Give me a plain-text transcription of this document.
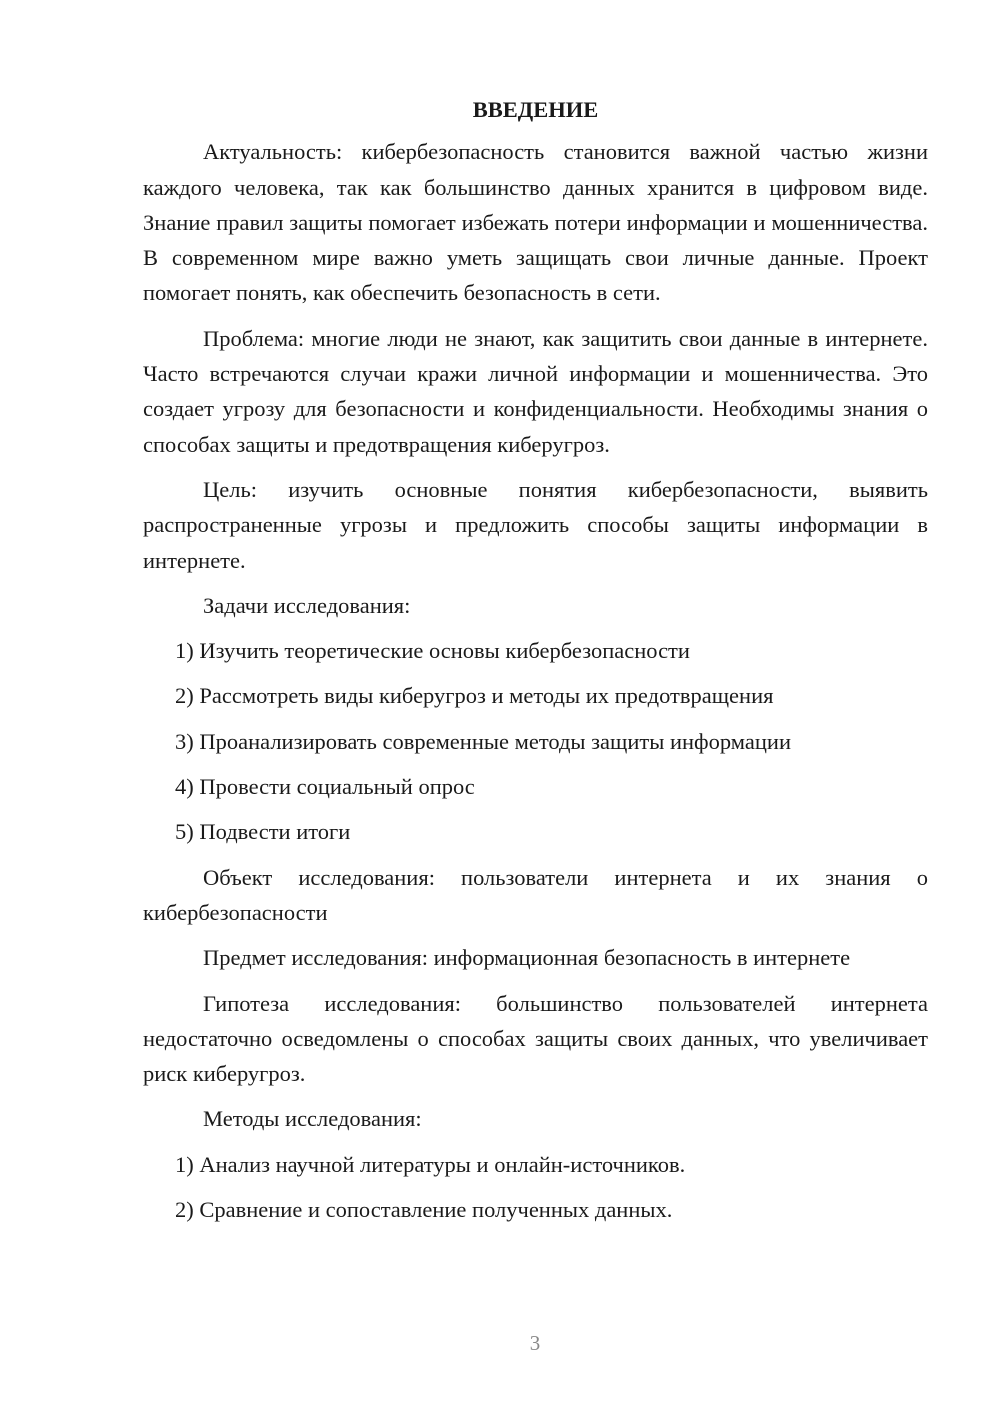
ВВЕДЕНИЕ

Актуальность: кибербезопасность становится важной частью жизни каждого человека, так как большинство данных хранится в цифровом виде. Знание правил защиты помогает избежать потери информации и мошенничества. В современном мире важно уметь защищать свои личные данные. Проект помогает понять, как обеспечить безопасность в сети.

Проблема: многие люди не знают, как защитить свои данные в интернете. Часто встречаются случаи кражи личной информации и мошенничества. Это создает угрозу для безопасности и конфиденциальности. Необходимы знания о способах защиты и предотвращения киберугроз.

Цель: изучить основные понятия кибербезопасности, выявить распространенные угрозы и предложить способы защиты информации в интернете.

Задачи исследования:

1) Изучить теоретические основы кибербезопасности
2) Рассмотреть виды киберугроз и методы их предотвращения
3) Проанализировать современные методы защиты информации
4) Провести социальный опрос
5) Подвести итоги

Объект исследования: пользователи интернета и их знания о кибербезопасности

Предмет исследования: информационная безопасность в интернете

Гипотеза исследования: большинство пользователей интернета недостаточно осведомлены о способах защиты своих данных, что увеличивает риск киберугроз.

Методы исследования:

1) Анализ научной литературы и онлайн-источников.
2) Сравнение и сопоставление полученных данных.
3
